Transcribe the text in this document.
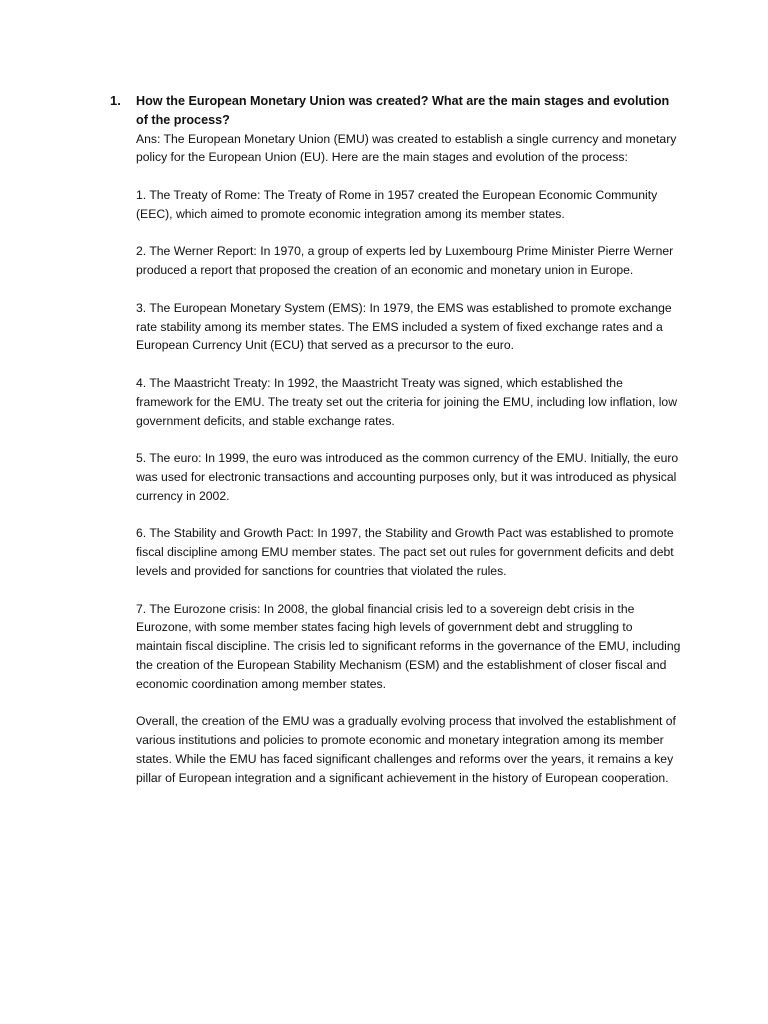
1. How the European Monetary Union was created? What are the main stages and evolution of the process?

Ans: The European Monetary Union (EMU) was created to establish a single currency and monetary policy for the European Union (EU). Here are the main stages and evolution of the process:

1. The Treaty of Rome: The Treaty of Rome in 1957 created the European Economic Community (EEC), which aimed to promote economic integration among its member states.

2. The Werner Report: In 1970, a group of experts led by Luxembourg Prime Minister Pierre Werner produced a report that proposed the creation of an economic and monetary union in Europe.

3. The European Monetary System (EMS): In 1979, the EMS was established to promote exchange rate stability among its member states. The EMS included a system of fixed exchange rates and a European Currency Unit (ECU) that served as a precursor to the euro.

4. The Maastricht Treaty: In 1992, the Maastricht Treaty was signed, which established the framework for the EMU. The treaty set out the criteria for joining the EMU, including low inflation, low government deficits, and stable exchange rates.

5. The euro: In 1999, the euro was introduced as the common currency of the EMU. Initially, the euro was used for electronic transactions and accounting purposes only, but it was introduced as physical currency in 2002.

6. The Stability and Growth Pact: In 1997, the Stability and Growth Pact was established to promote fiscal discipline among EMU member states. The pact set out rules for government deficits and debt levels and provided for sanctions for countries that violated the rules.

7. The Eurozone crisis: In 2008, the global financial crisis led to a sovereign debt crisis in the Eurozone, with some member states facing high levels of government debt and struggling to maintain fiscal discipline. The crisis led to significant reforms in the governance of the EMU, including the creation of the European Stability Mechanism (ESM) and the establishment of closer fiscal and economic coordination among member states.

Overall, the creation of the EMU was a gradually evolving process that involved the establishment of various institutions and policies to promote economic and monetary integration among its member states. While the EMU has faced significant challenges and reforms over the years, it remains a key pillar of European integration and a significant achievement in the history of European cooperation.
